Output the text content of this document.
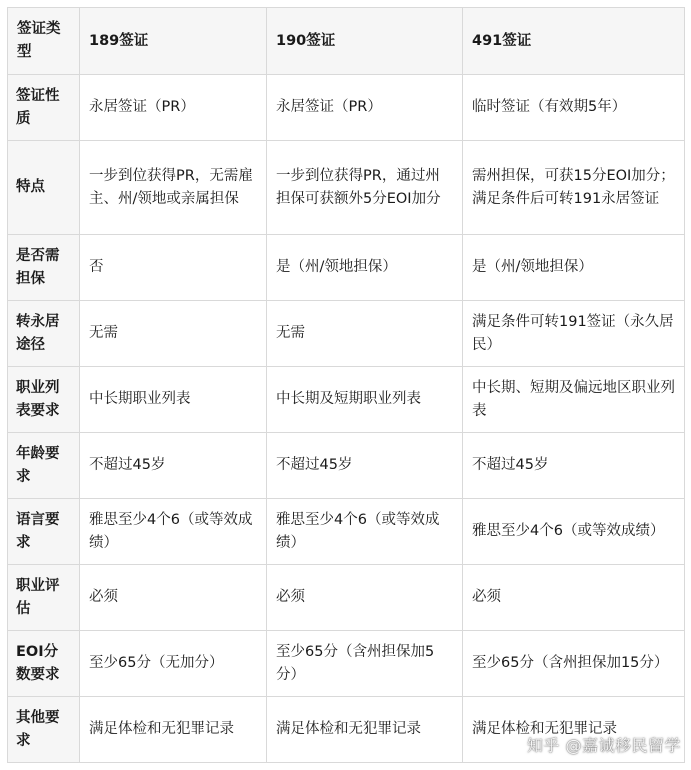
签证类型	189签证	190签证	491签证
签证性质	永居签证（PR）	永居签证（PR）	临时签证（有效期5年）
特点	一步到位获得PR，无需雇主、州/领地或亲属担保	一步到位获得PR，通过州担保可获额外5分EOI加分	需州担保，可获15分EOI加分；满足条件后可转191永居签证
是否需担保	否	是（州/领地担保）	是（州/领地担保）
转永居途径	无需	无需	满足条件可转191签证（永久居民）
职业列表要求	中长期职业列表	中长期及短期职业列表	中长期、短期及偏远地区职业列表
年龄要求	不超过45岁	不超过45岁	不超过45岁
语言要求	雅思至少4个6（或等效成绩）	雅思至少4个6（或等效成绩）	雅思至少4个6（或等效成绩）
职业评估	必须	必须	必须
EOI分数要求	至少65分（无加分）	至少65分（含州担保加5分）	至少65分（含州担保加15分）
其他要求	满足体检和无犯罪记录	满足体检和无犯罪记录	满足体检和无犯罪记录
知乎 @嘉诚移民留学
